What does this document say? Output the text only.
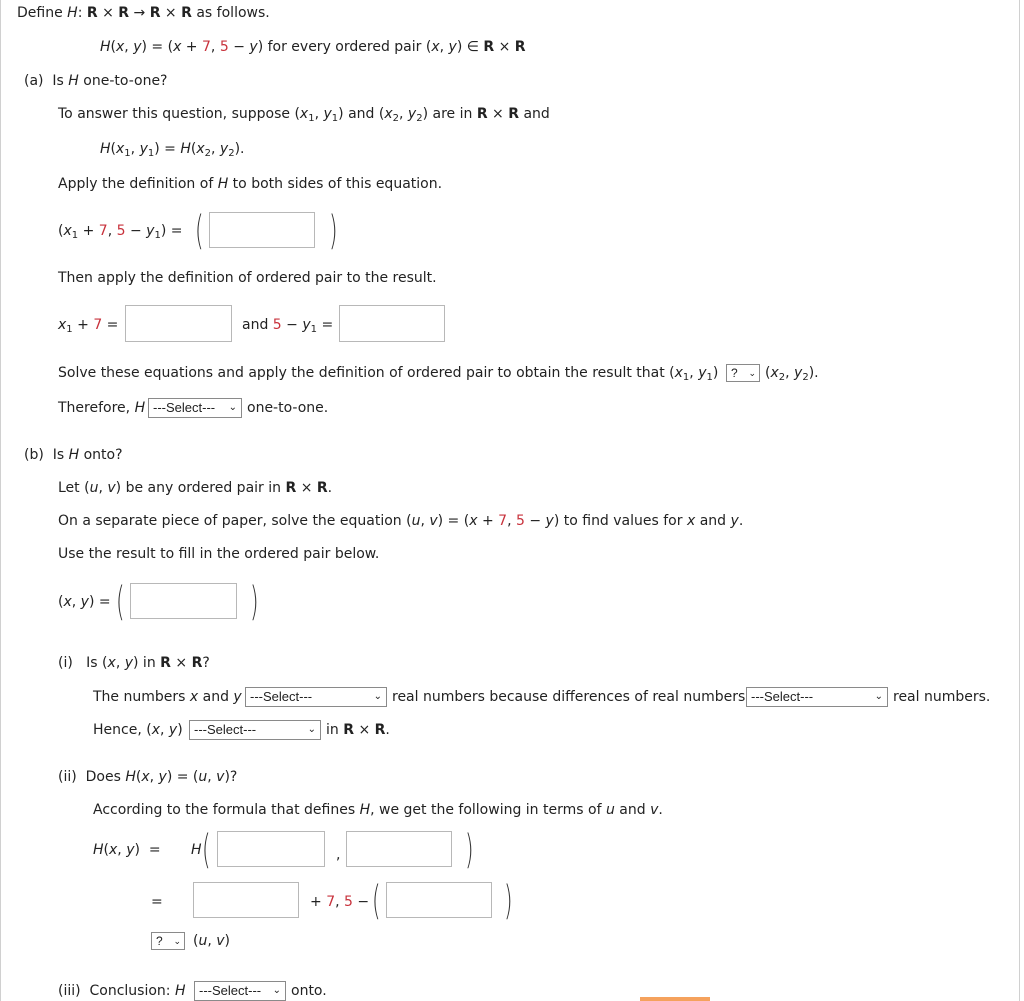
Define H: R × R → R × R as follows.
H(x, y) = (x + 7, 5 − y) for every ordered pair (x, y) ∈ R × R
(a)  Is H one-to-one?
To answer this question, suppose ($x_1$, $y_1$) and ($x_2$, $y_2$) are in R × R and
$H(x_1$, $y_1) = H(x_2$, $y_2$).
Apply the definition of H to both sides of this equation.
($x_1 + 7$, $5 - y_1$) = (	)
Then apply the definition of ordered pair to the result.
$x_1 + 7$ =	and $5 - y_1$ =
Solve these equations and apply the definition of ordered pair to obtain the result that ($x_1$, $y_1$)	? ⌄ ($x_2$, $y_2$).
Therefore, H ---Select--- ⌄ one-to-one.
(b)  Is H onto?
Let (u, v) be any ordered pair in R × R.
On a separate piece of paper, solve the equation (u, v) = (x + 7, 5 − y) to find values for x and y.
Use the result to fill in the ordered pair below.
(x, y) = (	)
(i)   Is (x, y) in R × R?
The numbers x and y ---Select---	⌄ real numbers because differences of real numbers ---Select---	⌄ real numbers.
Hence, (x, y) ---Select---	⌄ in R × R.
(ii)  Does H(x, y) = (u, v)?
According to the formula that defines H, we get the following in terms of u and v.
H(x, y)  = H (	,	)
=	+ 7, 5 − (	)
? ⌄ (u, v)
(iii)  Conclusion: H	---Select--- ⌄ onto.
